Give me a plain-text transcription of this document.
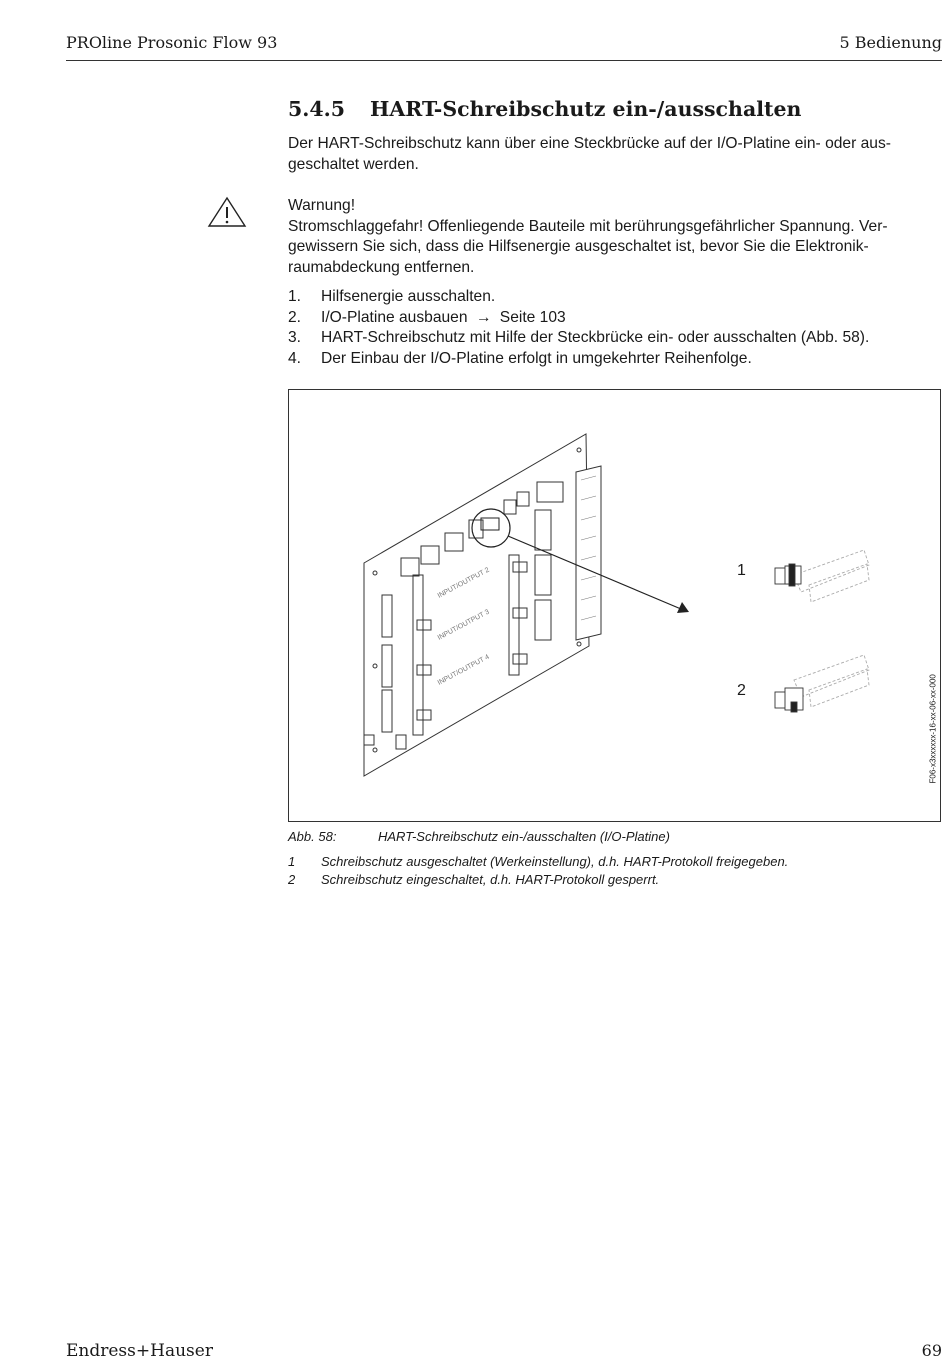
PROline Prosonic Flow 93	5 Bedienung
5.4.5 HART-Schreibschutz ein-/ausschalten
Der HART-Schreibschutz kann über eine Steckbrücke auf der I/O-Platine ein- oder ausgeschaltet werden.
Warnung!
Stromschlaggefahr! Offenliegende Bauteile mit berührungsgefährlicher Spannung. Vergewissern Sie sich, dass die Hilfsenergie ausgeschaltet ist, bevor Sie die Elektronikraumabdeckung entfernen.
1. Hilfsenergie ausschalten.
2. I/O-Platine ausbauen → Seite 103
3. HART-Schreibschutz mit Hilfe der Steckbrücke ein- oder ausschalten (Abb. 58).
4. Der Einbau der I/O-Platine erfolgt in umgekehrter Reihenfolge.
INPUT/OUTPUT 2
INPUT/OUTPUT 3
INPUT/OUTPUT 4
1
2	F06-x3xxxxxx-16-xx-06-xx-000
Abb. 58:	HART-Schreibschutz ein-/ausschalten (I/O-Platine)
1 Schreibschutz ausgeschaltet (Werkeinstellung), d.h. HART-Protokoll freigegeben.
2 Schreibschutz eingeschaltet, d.h. HART-Protokoll gesperrt.
Endress+Hauser	69
